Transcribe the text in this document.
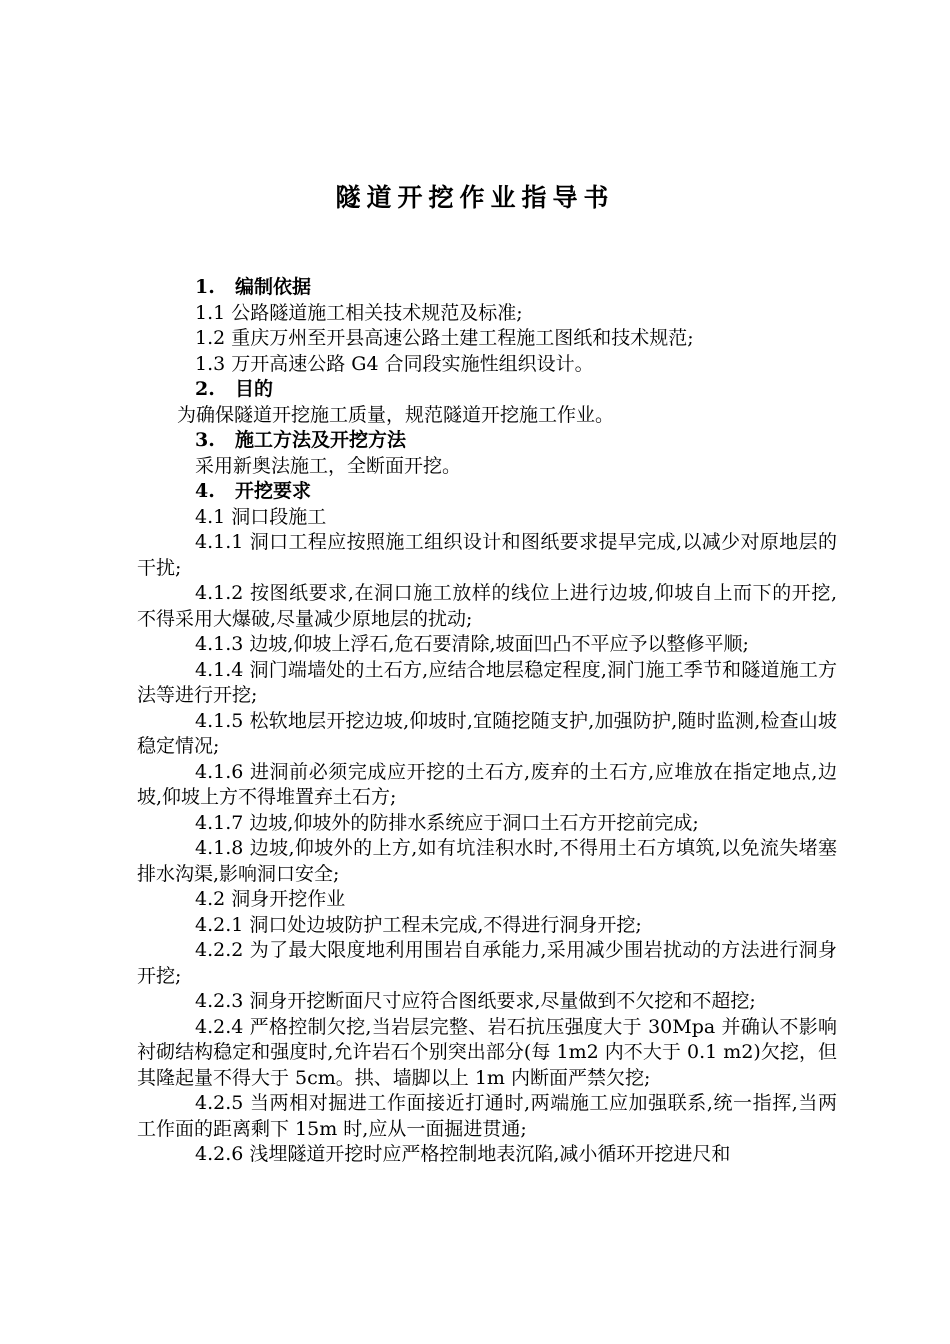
隧道开挖作业指导书
1. 编制依据
1.1 公路隧道施工相关技术规范及标准;
1.2 重庆万州至开县高速公路土建工程施工图纸和技术规范;
1.3 万开高速公路 G4 合同段实施性组织设计。
2. 目的
为确保隧道开挖施工质量，规范隧道开挖施工作业。
3. 施工方法及开挖方法
采用新奥法施工，全断面开挖。
4. 开挖要求
4.1 洞口段施工
4.1.1 洞口工程应按照施工组织设计和图纸要求提早完成,以减少对原地层的干扰;
4.1.2 按图纸要求,在洞口施工放样的线位上进行边坡,仰坡自上而下的开挖,不得采用大爆破,尽量减少原地层的扰动;
4.1.3 边坡,仰坡上浮石,危石要清除,坡面凹凸不平应予以整修平顺;
4.1.4 洞门端墙处的土石方,应结合地层稳定程度,洞门施工季节和隧道施工方法等进行开挖;
4.1.5 松软地层开挖边坡,仰坡时,宜随挖随支护,加强防护,随时监测,检查山坡稳定情况;
4.1.6 进洞前必须完成应开挖的土石方,废弃的土石方,应堆放在指定地点,边坡,仰坡上方不得堆置弃土石方;
4.1.7 边坡,仰坡外的防排水系统应于洞口土石方开挖前完成;
4.1.8 边坡,仰坡外的上方,如有坑洼积水时,不得用土石方填筑,以免流失堵塞排水沟渠,影响洞口安全;
4.2 洞身开挖作业
4.2.1 洞口处边坡防护工程未完成,不得进行洞身开挖;
4.2.2 为了最大限度地利用围岩自承能力,采用减少围岩扰动的方法进行洞身开挖;
4.2.3 洞身开挖断面尺寸应符合图纸要求,尽量做到不欠挖和不超挖;
4.2.4 严格控制欠挖,当岩层完整、岩石抗压强度大于 30Mpa 并确认不影响衬砌结构稳定和强度时,允许岩石个别突出部分(每 1m2 内不大于 0.1 m2)欠挖，但其隆起量不得大于 5cm。拱、墙脚以上 1m 内断面严禁欠挖;
4.2.5 当两相对掘进工作面接近打通时,两端施工应加强联系,统一指挥,当两工作面的距离剩下 15m 时,应从一面掘进贯通;
4.2.6 浅埋隧道开挖时应严格控制地表沉陷,减小循环开挖进尺和
